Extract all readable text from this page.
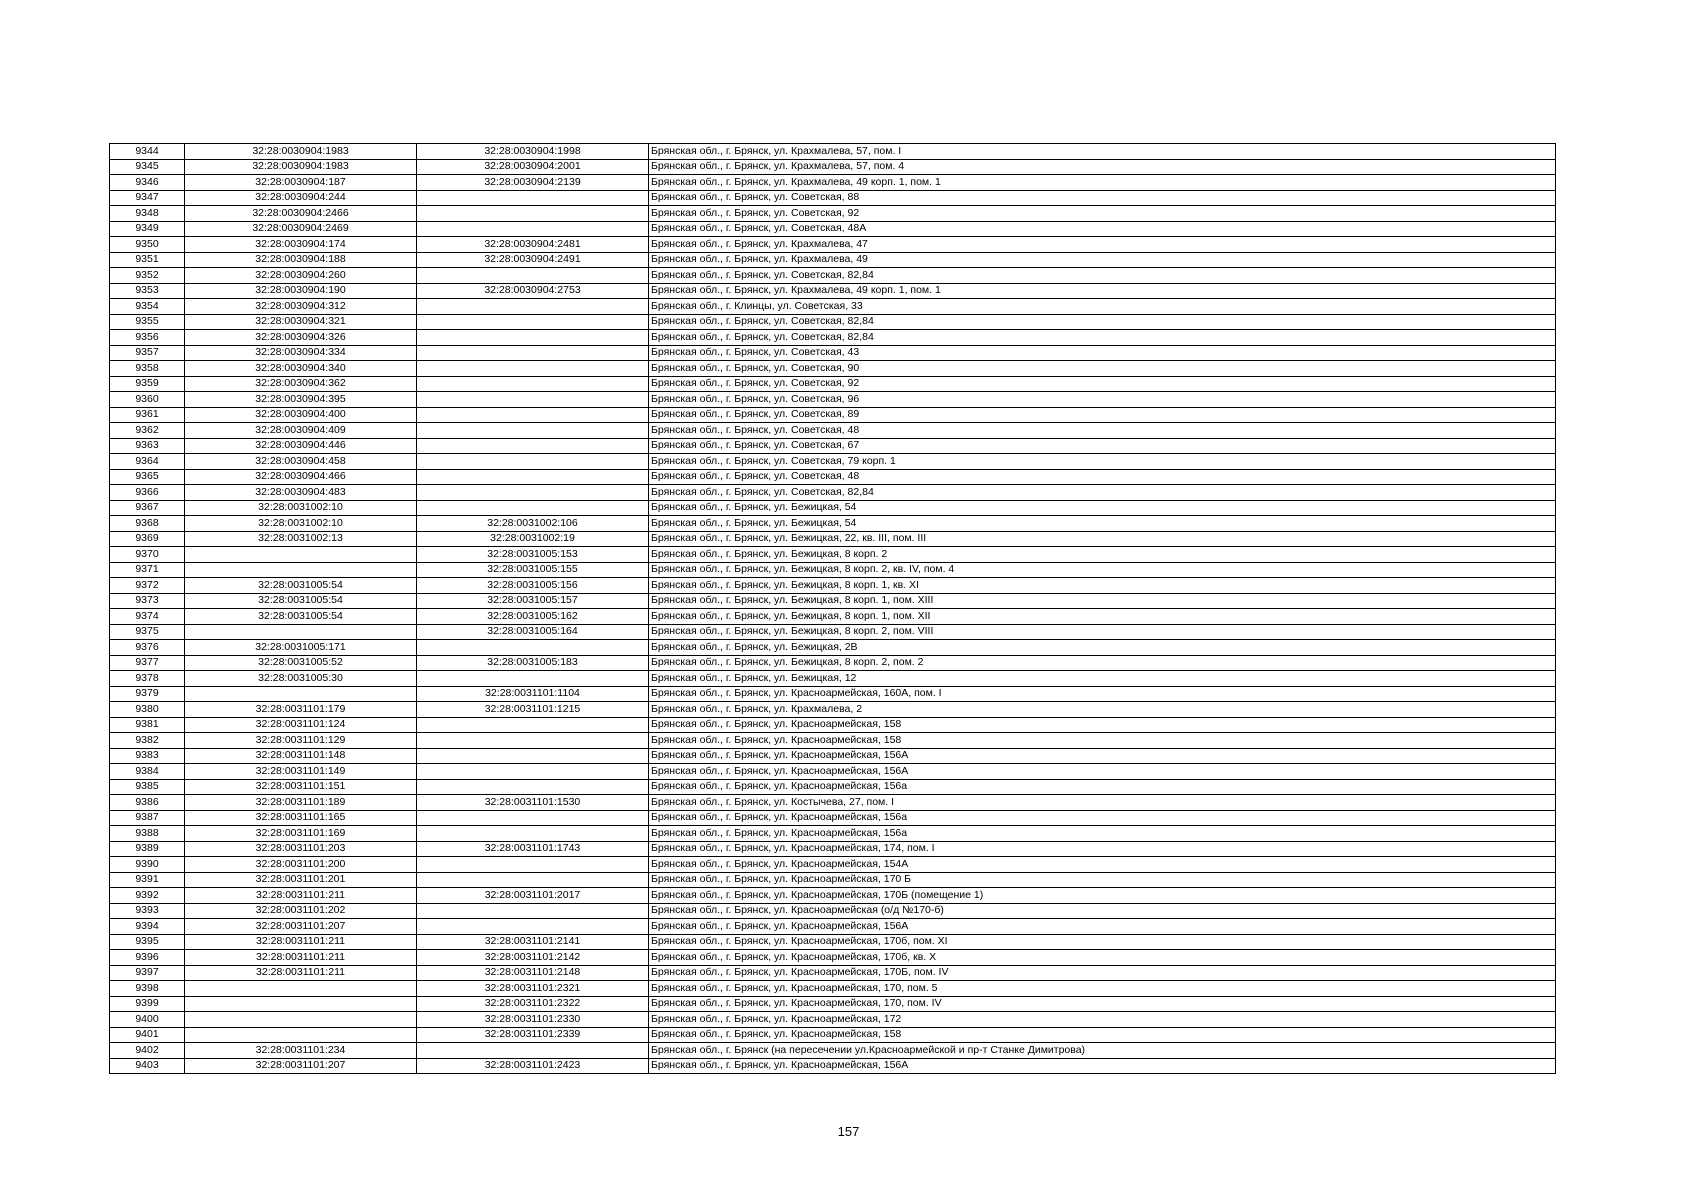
9344	32:28:0030904:1983	32:28:0030904:1998	Брянская обл., г. Брянск, ул. Крахмалева, 57, пом. I
9345	32:28:0030904:1983	32:28:0030904:2001	Брянская обл., г. Брянск, ул. Крахмалева, 57, пом. 4
9346	32:28:0030904:187	32:28:0030904:2139	Брянская обл., г. Брянск, ул. Крахмалева, 49 корп. 1, пом. 1
9347	32:28:0030904:244		Брянская обл., г. Брянск, ул. Советская, 88
9348	32:28:0030904:2466		Брянская обл., г. Брянск, ул. Советская, 92
9349	32:28:0030904:2469		Брянская обл., г. Брянск, ул. Советская, 48А
9350	32:28:0030904:174	32:28:0030904:2481	Брянская обл., г. Брянск, ул. Крахмалева, 47
9351	32:28:0030904:188	32:28:0030904:2491	Брянская обл., г. Брянск, ул. Крахмалева, 49
9352	32:28:0030904:260		Брянская обл., г. Брянск, ул. Советская, 82,84
9353	32:28:0030904:190	32:28:0030904:2753	Брянская обл., г. Брянск, ул. Крахмалева, 49 корп. 1, пом. 1
9354	32:28:0030904:312		Брянская обл., г. Клинцы, ул. Советская, 33
9355	32:28:0030904:321		Брянская обл., г. Брянск, ул. Советская, 82,84
9356	32:28:0030904:326		Брянская обл., г. Брянск, ул. Советская, 82,84
9357	32:28:0030904:334		Брянская обл., г. Брянск, ул. Советская, 43
9358	32:28:0030904:340		Брянская обл., г. Брянск, ул. Советская, 90
9359	32:28:0030904:362		Брянская обл., г. Брянск, ул. Советская, 92
9360	32:28:0030904:395		Брянская обл., г. Брянск, ул. Советская, 96
9361	32:28:0030904:400		Брянская обл., г. Брянск, ул. Советская, 89
9362	32:28:0030904:409		Брянская обл., г. Брянск, ул. Советская, 48
9363	32:28:0030904:446		Брянская обл., г. Брянск, ул. Советская, 67
9364	32:28:0030904:458		Брянская обл., г. Брянск, ул. Советская, 79 корп. 1
9365	32:28:0030904:466		Брянская обл., г. Брянск, ул. Советская, 48
9366	32:28:0030904:483		Брянская обл., г. Брянск, ул. Советская, 82,84
9367	32:28:0031002:10		Брянская обл., г. Брянск, ул. Бежицкая, 54
9368	32:28:0031002:10	32:28:0031002:106	Брянская обл., г. Брянск, ул. Бежицкая, 54
9369	32:28:0031002:13	32:28:0031002:19	Брянская обл., г. Брянск, ул. Бежицкая, 22, кв. III, пом. III
9370		32:28:0031005:153	Брянская обл., г. Брянск, ул. Бежицкая, 8 корп. 2
9371		32:28:0031005:155	Брянская обл., г. Брянск, ул. Бежицкая, 8 корп. 2, кв. IV, пом. 4
9372	32:28:0031005:54	32:28:0031005:156	Брянская обл., г. Брянск, ул. Бежицкая, 8 корп. 1, кв. XI
9373	32:28:0031005:54	32:28:0031005:157	Брянская обл., г. Брянск, ул. Бежицкая, 8 корп. 1, пом. XIII
9374	32:28:0031005:54	32:28:0031005:162	Брянская обл., г. Брянск, ул. Бежицкая, 8 корп. 1, пом. XII
9375		32:28:0031005:164	Брянская обл., г. Брянск, ул. Бежицкая, 8 корп. 2, пом. VIII
9376	32:28:0031005:171		Брянская обл., г. Брянск, ул. Бежицкая, 2В
9377	32:28:0031005:52	32:28:0031005:183	Брянская обл., г. Брянск, ул. Бежицкая, 8 корп. 2, пом. 2
9378	32:28:0031005:30		Брянская обл., г. Брянск, ул. Бежицкая, 12
9379		32:28:0031101:1104	Брянская обл., г. Брянск, ул. Красноармейская, 160А, пом. I
9380	32:28:0031101:179	32:28:0031101:1215	Брянская обл., г. Брянск, ул. Крахмалева, 2
9381	32:28:0031101:124		Брянская обл., г. Брянск, ул. Красноармейская, 158
9382	32:28:0031101:129		Брянская обл., г. Брянск, ул. Красноармейская, 158
9383	32:28:0031101:148		Брянская обл., г. Брянск, ул. Красноармейская, 156А
9384	32:28:0031101:149		Брянская обл., г. Брянск, ул. Красноармейская, 156А
9385	32:28:0031101:151		Брянская обл., г. Брянск, ул. Красноармейская, 156а
9386	32:28:0031101:189	32:28:0031101:1530	Брянская обл., г. Брянск, ул. Костычева, 27, пом. I
9387	32:28:0031101:165		Брянская обл., г. Брянск, ул. Красноармейская, 156а
9388	32:28:0031101:169		Брянская обл., г. Брянск, ул. Красноармейская, 156а
9389	32:28:0031101:203	32:28:0031101:1743	Брянская обл., г. Брянск, ул. Красноармейская, 174, пом. I
9390	32:28:0031101:200		Брянская обл., г. Брянск, ул. Красноармейская, 154А
9391	32:28:0031101:201		Брянская обл., г. Брянск, ул. Красноармейская, 170 Б
9392	32:28:0031101:211	32:28:0031101:2017	Брянская обл., г. Брянск, ул. Красноармейская, 170Б (помещение 1)
9393	32:28:0031101:202		Брянская обл., г. Брянск, ул. Красноармейская (о/д №170-б)
9394	32:28:0031101:207		Брянская обл., г. Брянск, ул. Красноармейская, 156А
9395	32:28:0031101:211	32:28:0031101:2141	Брянская обл., г. Брянск, ул. Красноармейская, 170б, пом. XI
9396	32:28:0031101:211	32:28:0031101:2142	Брянская обл., г. Брянск, ул. Красноармейская, 170б, кв. X
9397	32:28:0031101:211	32:28:0031101:2148	Брянская обл., г. Брянск, ул. Красноармейская, 170Б, пом. IV
9398		32:28:0031101:2321	Брянская обл., г. Брянск, ул. Красноармейская, 170, пом. 5
9399		32:28:0031101:2322	Брянская обл., г. Брянск, ул. Красноармейская, 170, пом. IV
9400		32:28:0031101:2330	Брянская обл., г. Брянск, ул. Красноармейская, 172
9401		32:28:0031101:2339	Брянская обл., г. Брянск, ул. Красноармейская, 158
9402	32:28:0031101:234		Брянская обл., г. Брянск (на пересечении ул.Красноармейской и пр-т Станке Димитрова)
9403	32:28:0031101:207	32:28:0031101:2423	Брянская обл., г. Брянск, ул. Красноармейская, 156А
157
